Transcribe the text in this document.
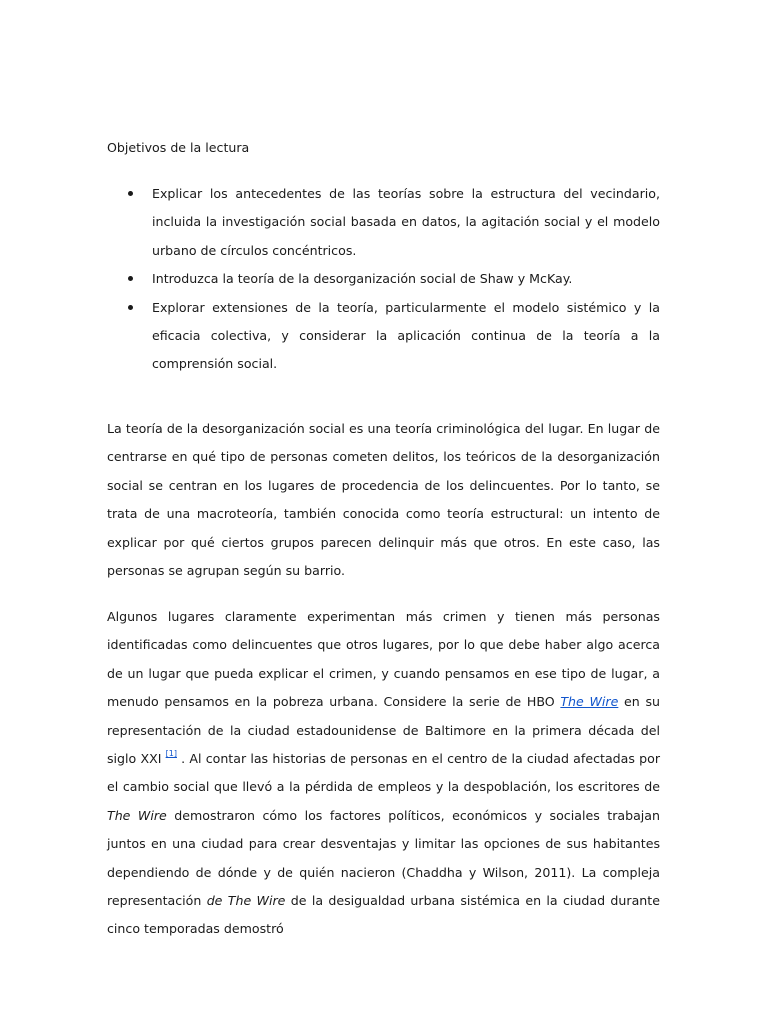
Objetivos de la lectura
Explicar los antecedentes de las teorías sobre la estructura del vecindario, incluida la investigación social basada en datos, la agitación social y el modelo urbano de círculos concéntricos.
Introduzca la teoría de la desorganización social de Shaw y McKay.
Explorar extensiones de la teoría, particularmente el modelo sistémico y la eficacia colectiva, y considerar la aplicación continua de la teoría a la comprensión social.

La teoría de la desorganización social es una teoría criminológica del lugar. En lugar de centrarse en qué tipo de personas cometen delitos, los teóricos de la desorganización social se centran en los lugares de procedencia de los delincuentes. Por lo tanto, se trata de una macroteoría, también conocida como teoría estructural: un intento de explicar por qué ciertos grupos parecen delinquir más que otros. En este caso, las personas se agrupan según su barrio.

Algunos lugares claramente experimentan más crimen y tienen más personas identificadas como delincuentes que otros lugares, por lo que debe haber algo acerca de un lugar que pueda explicar el crimen, y cuando pensamos en ese tipo de lugar, a menudo pensamos en la pobreza urbana. Considere la serie de HBO The Wire en su representación de la ciudad estadounidense de Baltimore en la primera década del siglo XXI [1] . Al contar las historias de personas en el centro de la ciudad afectadas por el cambio social que llevó a la pérdida de empleos y la despoblación, los escritores de The Wire demostraron cómo los factores políticos, económicos y sociales trabajan juntos en una ciudad para crear desventajas y limitar las opciones de sus habitantes dependiendo de dónde y de quién nacieron (Chaddha y Wilson, 2011). La compleja representación de The Wire de la desigualdad urbana sistémica en la ciudad durante cinco temporadas demostró
